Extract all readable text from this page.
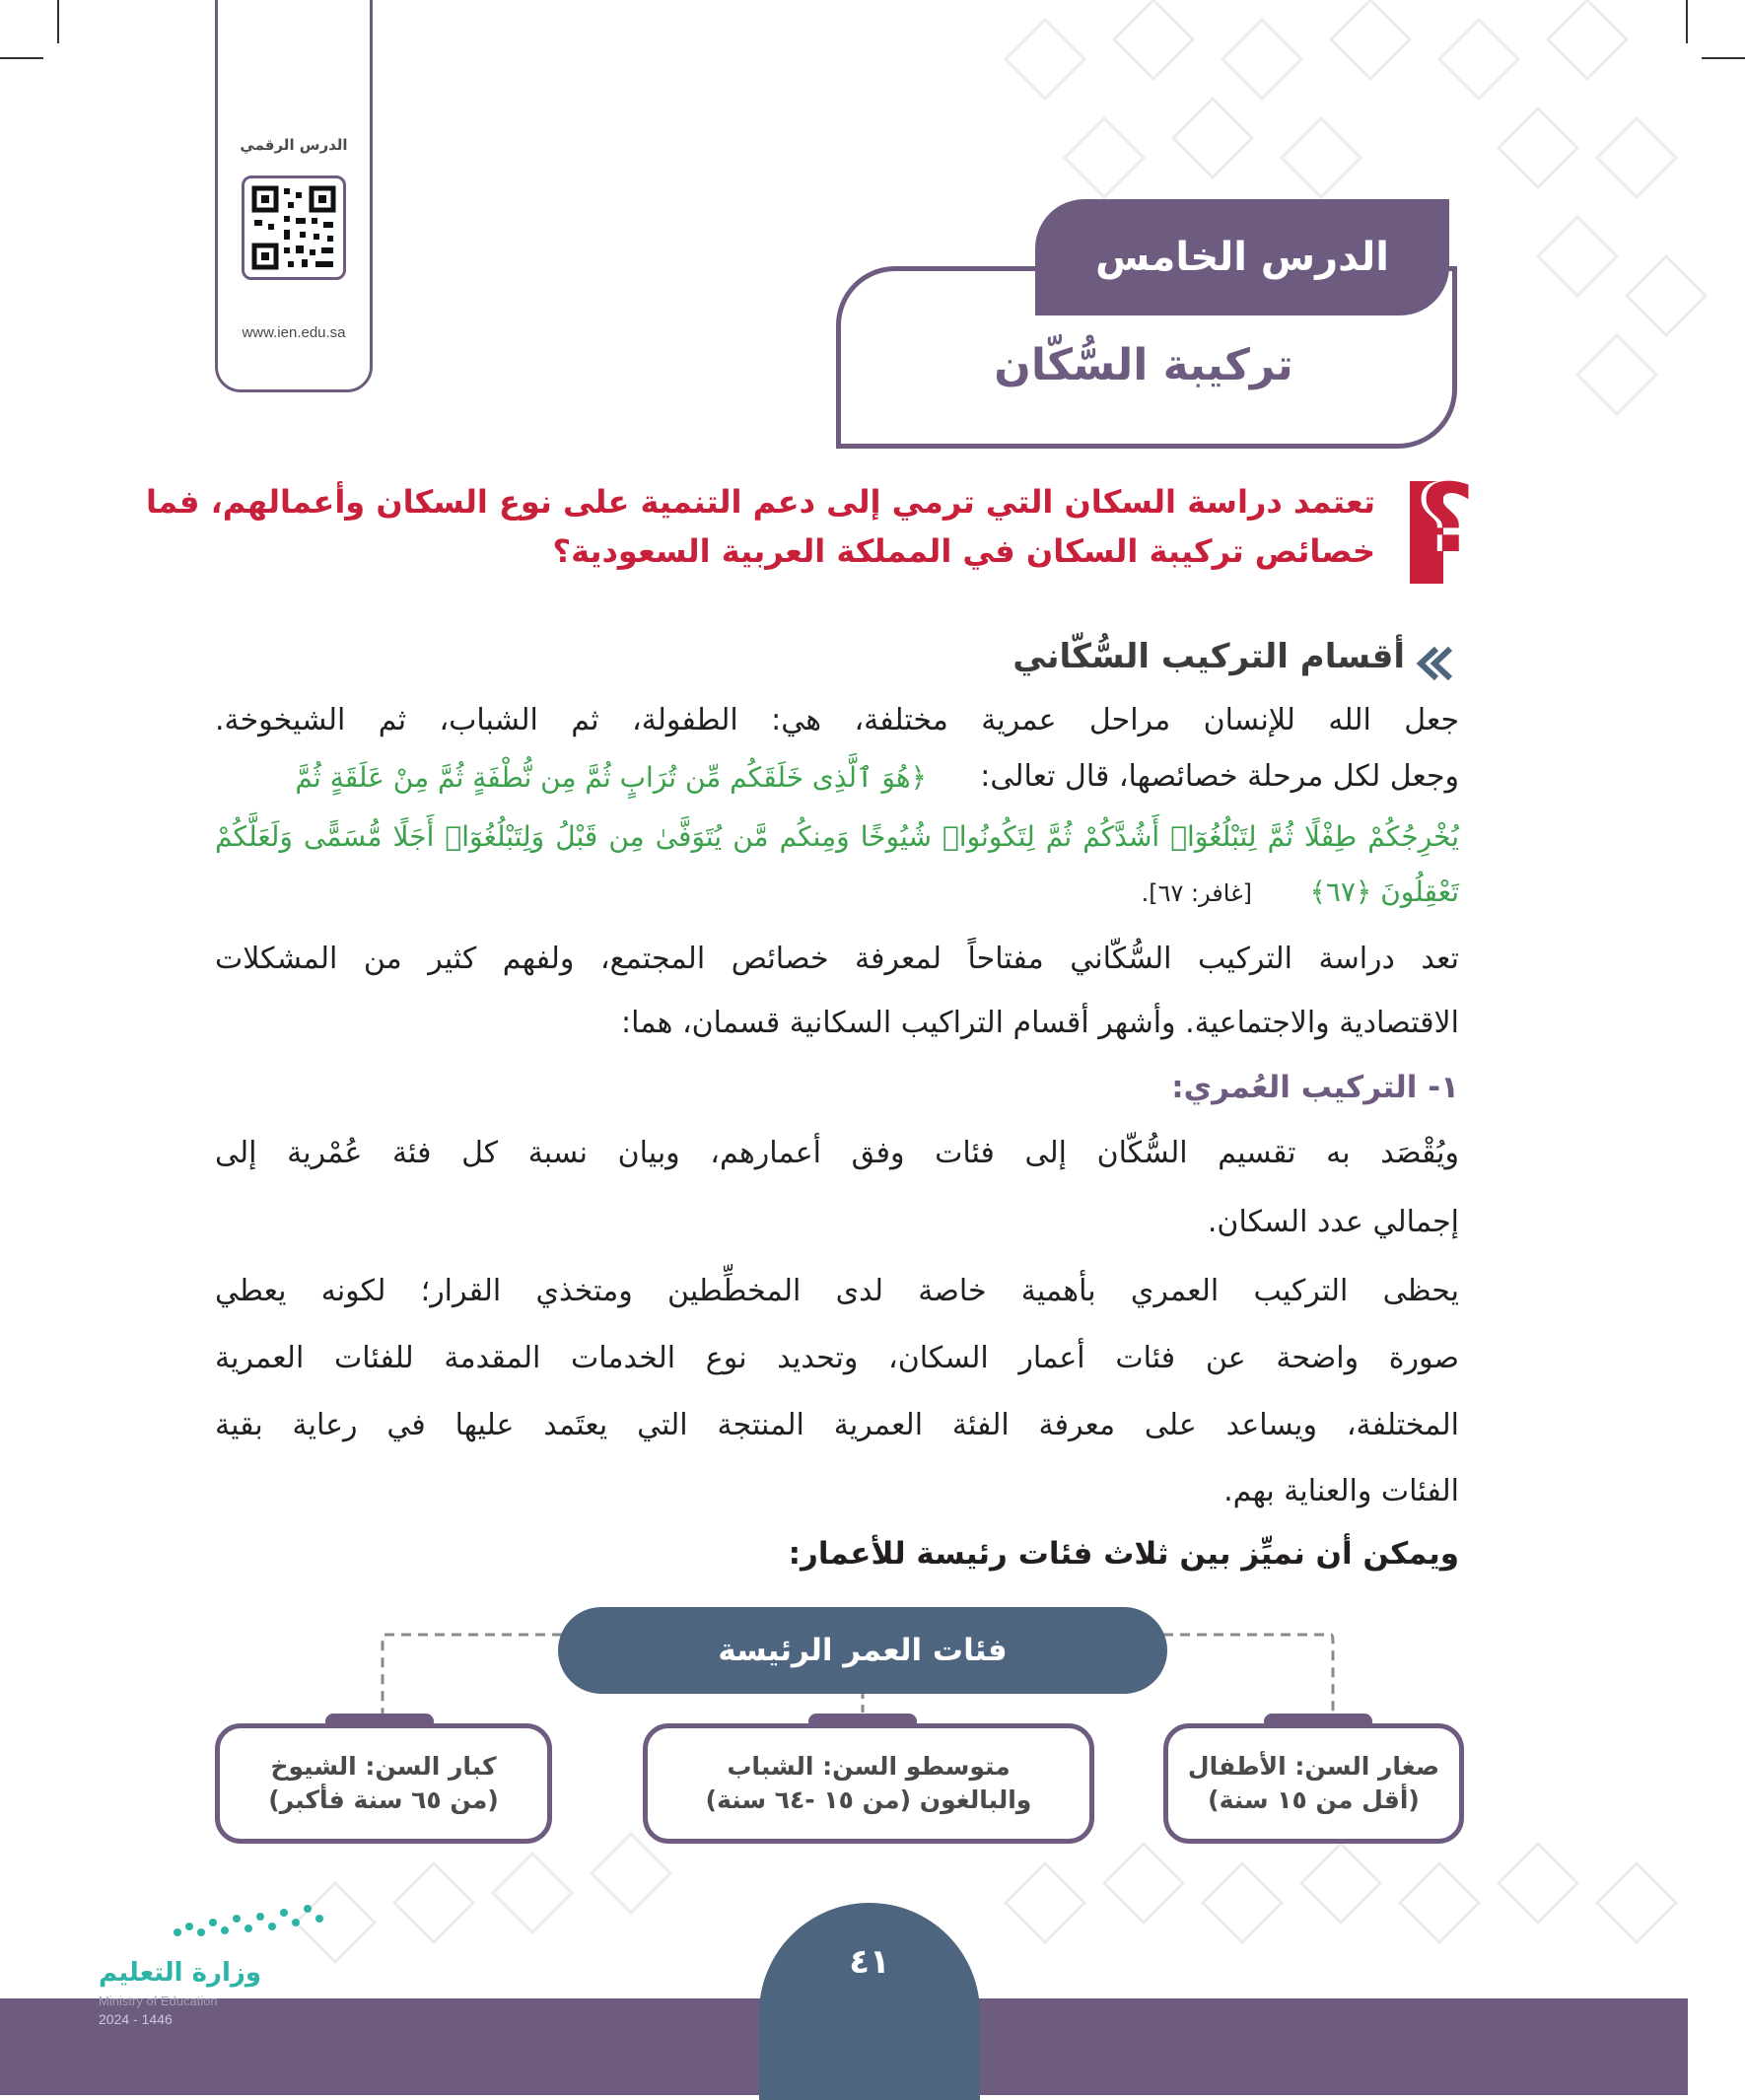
الدرس الرقمي
www.ien.edu.sa
الدرس الخامس
تركيبة السُّكّان
؟
تعتمد دراسة السكان التي ترمي إلى دعم التنمية على نوع السكان وأعمالهم، فما
خصائص تركيبة السكان في المملكة العربية السعودية؟
أقسام التركيب السُّكّاني
جعل الله للإنسان مراحل عمرية مختلفة، هي: الطفولة، ثم الشباب، ثم الشيخوخة.
وجعل لكل مرحلة خصائصها، قال تعالى:
﴿هُوَ ٱلَّذِى خَلَقَكُم مِّن تُرَابٍ ثُمَّ مِن نُّطْفَةٍ ثُمَّ مِنْ عَلَقَةٍ ثُمَّ
يُخْرِجُكُمْ طِفْلًا ثُمَّ لِتَبْلُغُوٓا۟ أَشُدَّكُمْ ثُمَّ لِتَكُونُوا۟ شُيُوخًا وَمِنكُم مَّن يُتَوَفَّىٰ مِن قَبْلُ وَلِتَبْلُغُوٓا۟ أَجَلًا مُّسَمًّى وَلَعَلَّكُمْ
تَعْقِلُونَ ﴿٦٧﴾
[غافر: ٦٧].
تعد دراسة التركيب السُّكّاني مفتاحاً لمعرفة خصائص المجتمع، ولفهم كثير من المشكلات
الاقتصادية والاجتماعية. وأشهر أقسام التراكيب السكانية قسمان، هما:
١- التركيب العُمري:
ويُقْصَد به تقسيم السُّكّان إلى فئات وفق أعمارهم، وبيان نسبة كل فئة عُمْرية إلى
إجمالي عدد السكان.
يحظى التركيب العمري بأهمية خاصة لدى المخطِّطين ومتخذي القرار؛ لكونه يعطي
صورة واضحة عن فئات أعمار السكان، وتحديد نوع الخدمات المقدمة للفئات العمرية
المختلفة، ويساعد على معرفة الفئة العمرية المنتجة التي يعتَمد عليها في رعاية بقية
الفئات والعناية بهم.
ويمكن أن نميِّز بين ثلاث فئات رئيسة للأعمار:
فئات العمر الرئيسة
صغار السن: الأطفال
(أقل من ١٥ سنة)
متوسطو السن: الشباب
والبالغون (من ١٥ -٦٤ سنة)
كبار السن: الشيوخ
(من ٦٥ سنة فأكبر)
٤١
وزارة التعليم
Ministry of Education
2024 - 1446
